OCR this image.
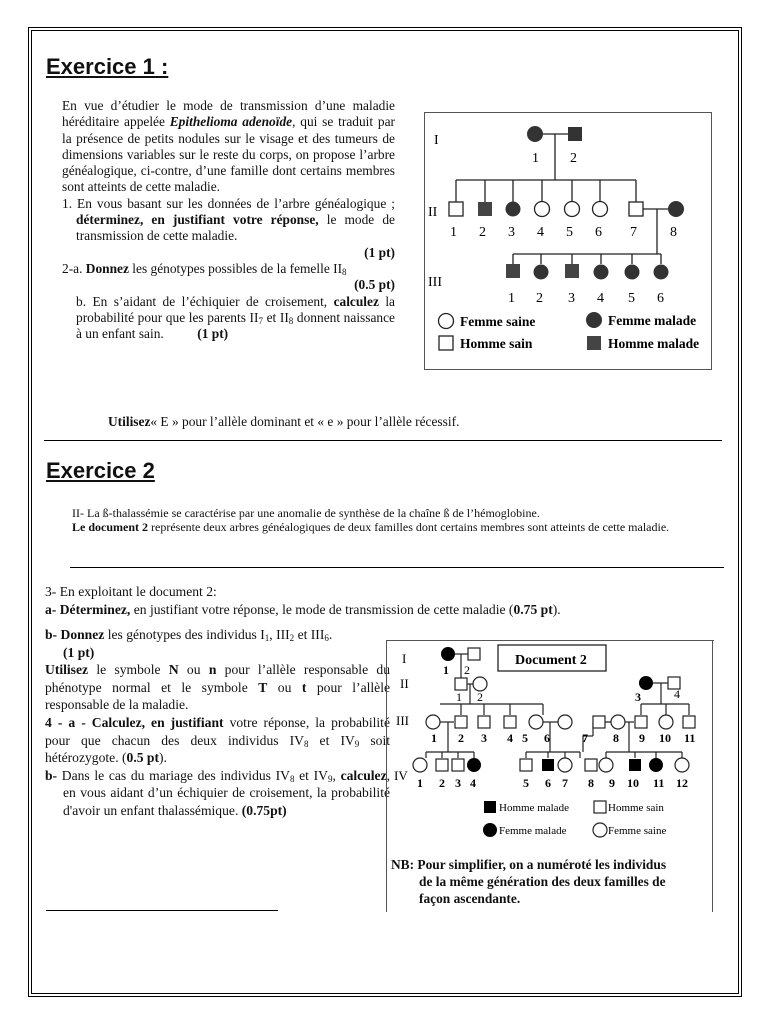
Exercice 1 :

En vue d’étudier le mode de transmission d’une maladie héréditaire appelée Epithelioma adenoïde, qui se traduit par la présence de petits nodules sur le visage et des tumeurs de dimensions variables sur le reste du corps, on propose l’arbre généalogique, ci-contre, d’une famille dont certains membres sont atteints de cette maladie.

1. En vous basant sur les données de l’arbre généalogique ; déterminez, en justifiant votre réponse, le mode de transmission de cette maladie.

(1 pt)

2-a. Donnez les génotypes possibles de la femelle $II_8$

(0.5 pt)

b. En s’aidant de l’échiquier de croisement, calculez la probabilité pour que les parents $II_7$ et $II_8$ donnent naissance à un enfant sain. (1 pt)

Utilisez« E » pour l’allèle dominant et « e » pour l’allèle récessif.
I
II
III
1 2
1 2 3 4 5 6 7 8
1 2 3 4 5 6
Femme saine	Femme malade
Homme sain	Homme malade
Exercice 2

II- La ß-thalassémie se caractérise par une anomalie de synthèse de la chaîne ß de l’hémoglobine.

Le document 2 représente deux arbres généalogiques de deux familles dont certains membres sont atteints de cette maladie.

3- En exploitant le document 2:

a- Déterminez, en justifiant votre réponse, le mode de transmission de cette maladie (0.75 pt).

b- Donnez les génotypes des individus $I_1$, $III_2$ et $III_6$.

(1 pt)

Utilisez le symbole N ou n pour l’allèle responsable du phénotype normal et le symbole T ou t pour l’allèle responsable de la maladie.

4 - a - Calculez, en justifiant votre réponse, la probabilité pour que chacun des deux individus $IV_8$ et $IV_9$ soit hétérozygote. (0.5 pt).

b- Dans le cas du mariage des individus $IV_8$ et $IV_9$, calculez, en vous aidant d’un échiquier de croisement, la probabilité d'avoir un enfant thalassémique. (0.75pt)

Document 2
I
II
III
IV
1 2
1 2	3	4
1 2 3 4 5 6	7 8 9 10 11
1 2 3 4	5 6 7 8 9 10 11 12
Homme malade	Homme sain
Femme malade	Femme saine

NB: Pour simplifier, on a numéroté les individus

de la même génération des deux familles de

façon ascendante.
